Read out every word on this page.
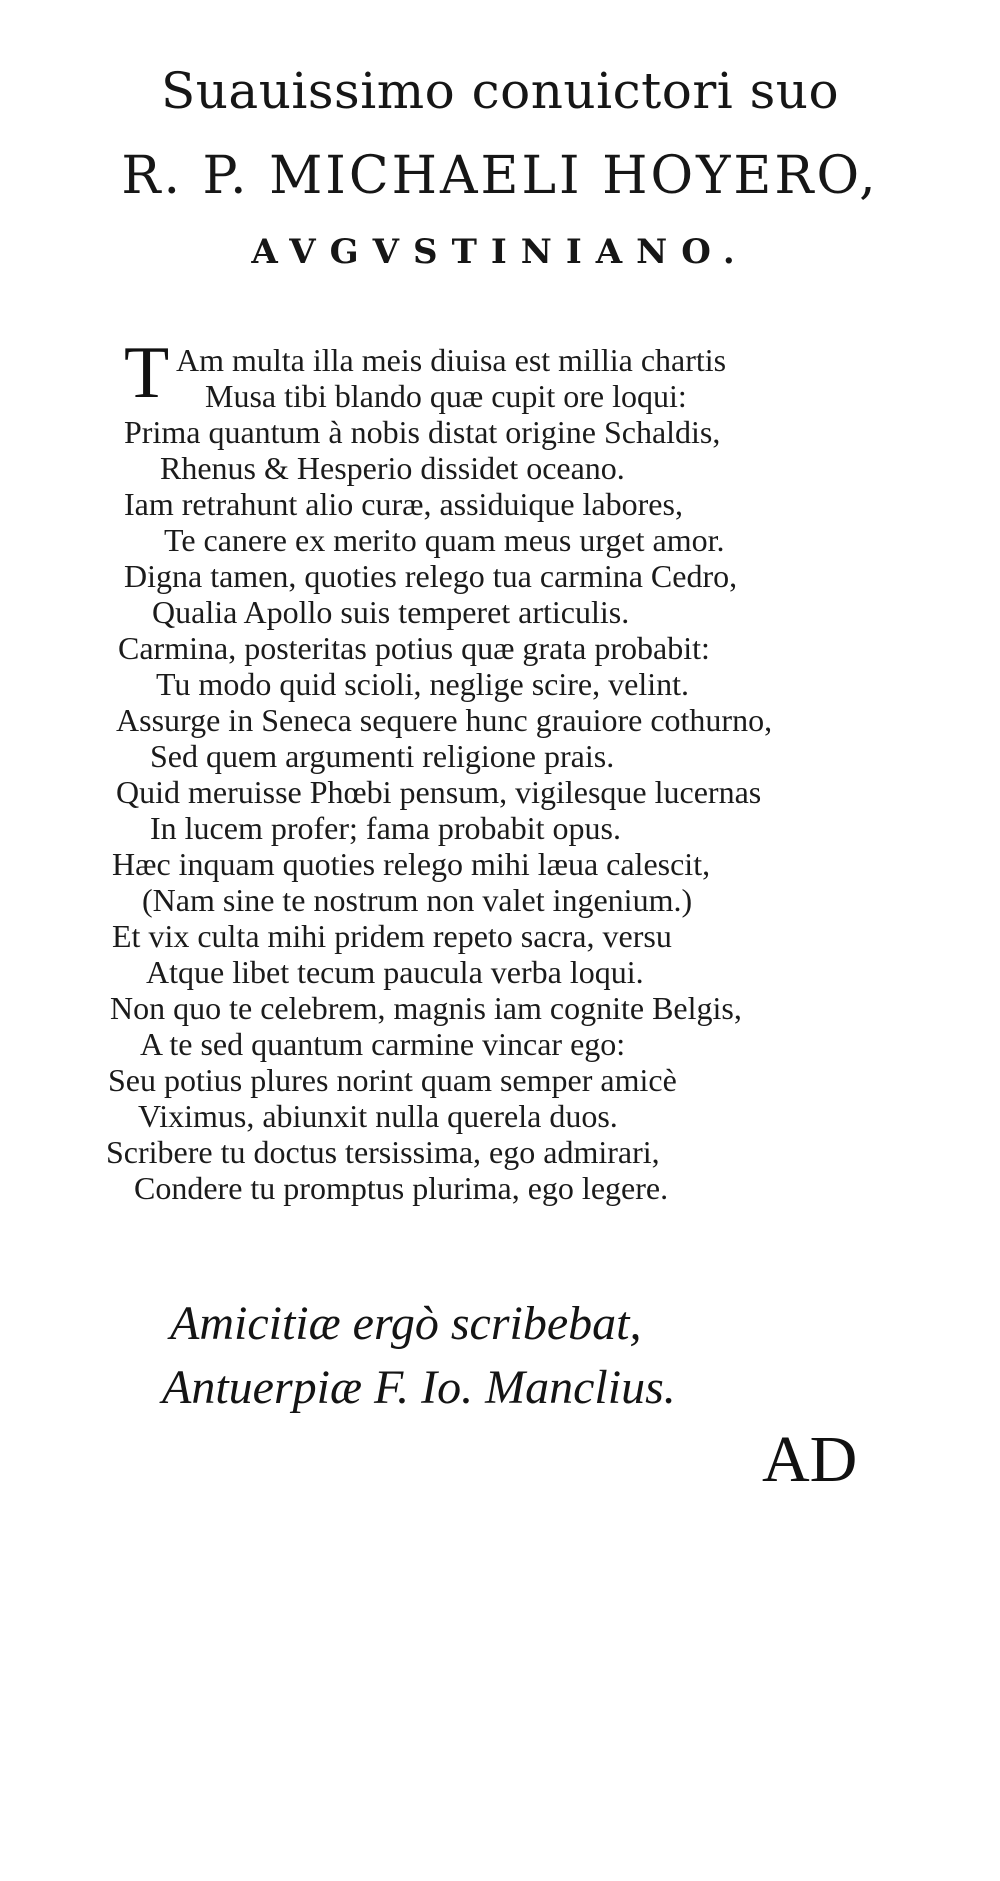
Suauissimo conuictori suo
R. P. MICHAELI HOYERO,
AVGVSTINIANO.
T Am multa illa meis diuisa est millia chartis
Musa tibi blando quæ cupit ore loqui:
Prima quantum à nobis distat origine Schaldis,
Rhenus & Hesperio dissidet oceano.
Iam retrahunt alio curæ, assiduique labores,
Te canere ex merito quam meus urget amor.
Digna tamen, quoties relego tua carmina Cedro,
Qualia Apollo suis temperet articulis.
Carmina, posteritas potius quæ grata probabit:
Tu modo quid scioli, neglige scire, velint.
Assurge in Seneca sequere hunc grauiore cothurno,
Sed quem argumenti religione prais.
Quid meruisse Phœbi pensum, vigilesque lucernas
In lucem profer; fama probabit opus.
Hæc inquam quoties relego mihi læua calescit,
(Nam sine te nostrum non valet ingenium.)
Et vix culta mihi pridem repeto sacra, versu
Atque libet tecum paucula verba loqui.
Non quo te celebrem, magnis iam cognite Belgis,
A te sed quantum carmine vincar ego:
Seu potius plures norint quam semper amicè
Viximus, abiunxit nulla querela duos.
Scribere tu doctus tersissima, ego admirari,
Condere tu promptus plurima, ego legere.
Amicitiæ ergò scribebat,
Antuerpiæ F. Io. Manclius.
AD
